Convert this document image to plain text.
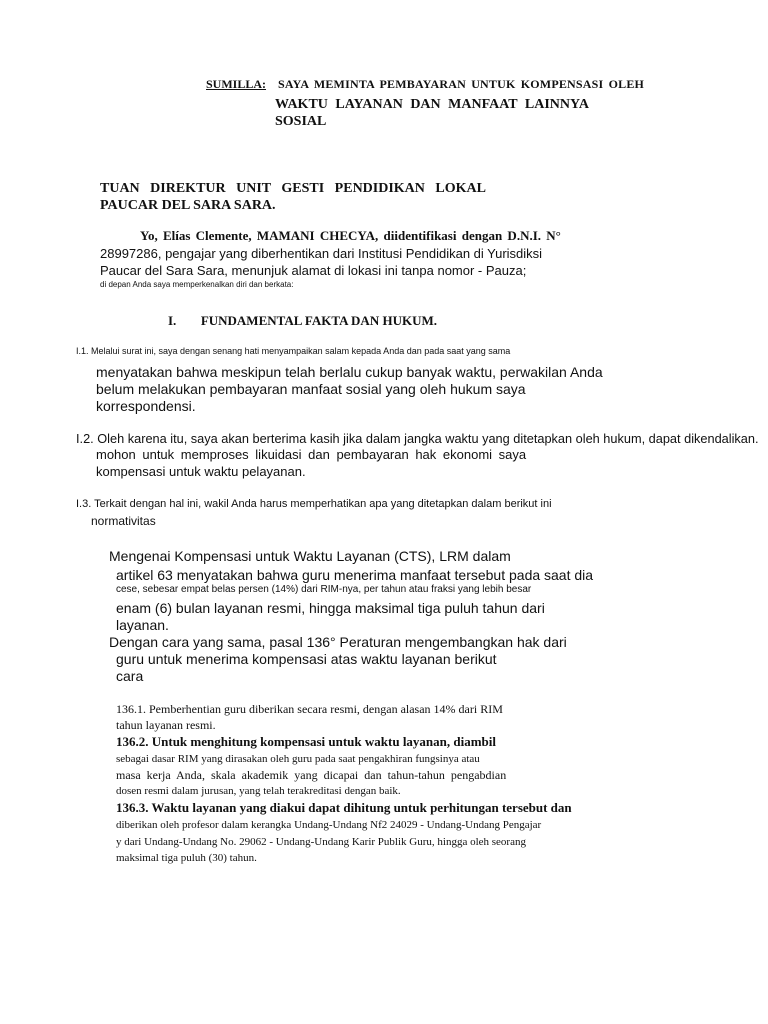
SUMILLA: SAYA MEMINTA PEMBAYARAN UNTUK KOMPENSASI OLEH
WAKTU LAYANAN DAN MANFAAT LAINNYA
SOSIAL
TUAN DIREKTUR UNIT GESTI PENDIDIKAN LOKAL
PAUCAR DEL SARA SARA.
Yo, Elías Clemente, MAMANI CHECYA, diidentifikasi dengan D.N.I. N°
28997286, pengajar yang diberhentikan dari Institusi Pendidikan di Yurisdiksi
Paucar del Sara Sara, menunjuk alamat di lokasi ini tanpa nomor - Pauza;
di depan Anda saya memperkenalkan diri dan berkata:
I. FUNDAMENTAL FAKTA DAN HUKUM.
I.1. Melalui surat ini, saya dengan senang hati menyampaikan salam kepada Anda dan pada saat yang sama
menyatakan bahwa meskipun telah berlalu cukup banyak waktu, perwakilan Anda
belum melakukan pembayaran manfaat sosial yang oleh hukum saya
korrespondensi.
I.2. Oleh karena itu, saya akan berterima kasih jika dalam jangka waktu yang ditetapkan oleh hukum, dapat dikendalikan.
mohon untuk memproses likuidasi dan pembayaran hak ekonomi saya
kompensasi untuk waktu pelayanan.
I.3. Terkait dengan hal ini, wakil Anda harus memperhatikan apa yang ditetapkan dalam berikut ini
normativitas
Mengenai Kompensasi untuk Waktu Layanan (CTS), LRM dalam
artikel 63 menyatakan bahwa guru menerima manfaat tersebut pada saat dia
cese, sebesar empat belas persen (14%) dari RIM-nya, per tahun atau fraksi yang lebih besar
enam (6) bulan layanan resmi, hingga maksimal tiga puluh tahun dari
layanan.
Dengan cara yang sama, pasal 136° Peraturan mengembangkan hak dari
guru untuk menerima kompensasi atas waktu layanan berikut
cara
136.1. Pemberhentian guru diberikan secara resmi, dengan alasan 14% dari RIM
tahun layanan resmi.
136.2. Untuk menghitung kompensasi untuk waktu layanan, diambil
sebagai dasar RIM yang dirasakan oleh guru pada saat pengakhiran fungsinya atau
masa kerja Anda, skala akademik yang dicapai dan tahun-tahun pengabdian
dosen resmi dalam jurusan, yang telah terakreditasi dengan baik.
136.3. Waktu layanan yang diakui dapat dihitung untuk perhitungan tersebut dan
diberikan oleh profesor dalam kerangka Undang-Undang Nf2 24029 - Undang-Undang Pengajar
y dari Undang-Undang No. 29062 - Undang-Undang Karir Publik Guru, hingga oleh seorang
maksimal tiga puluh (30) tahun.
